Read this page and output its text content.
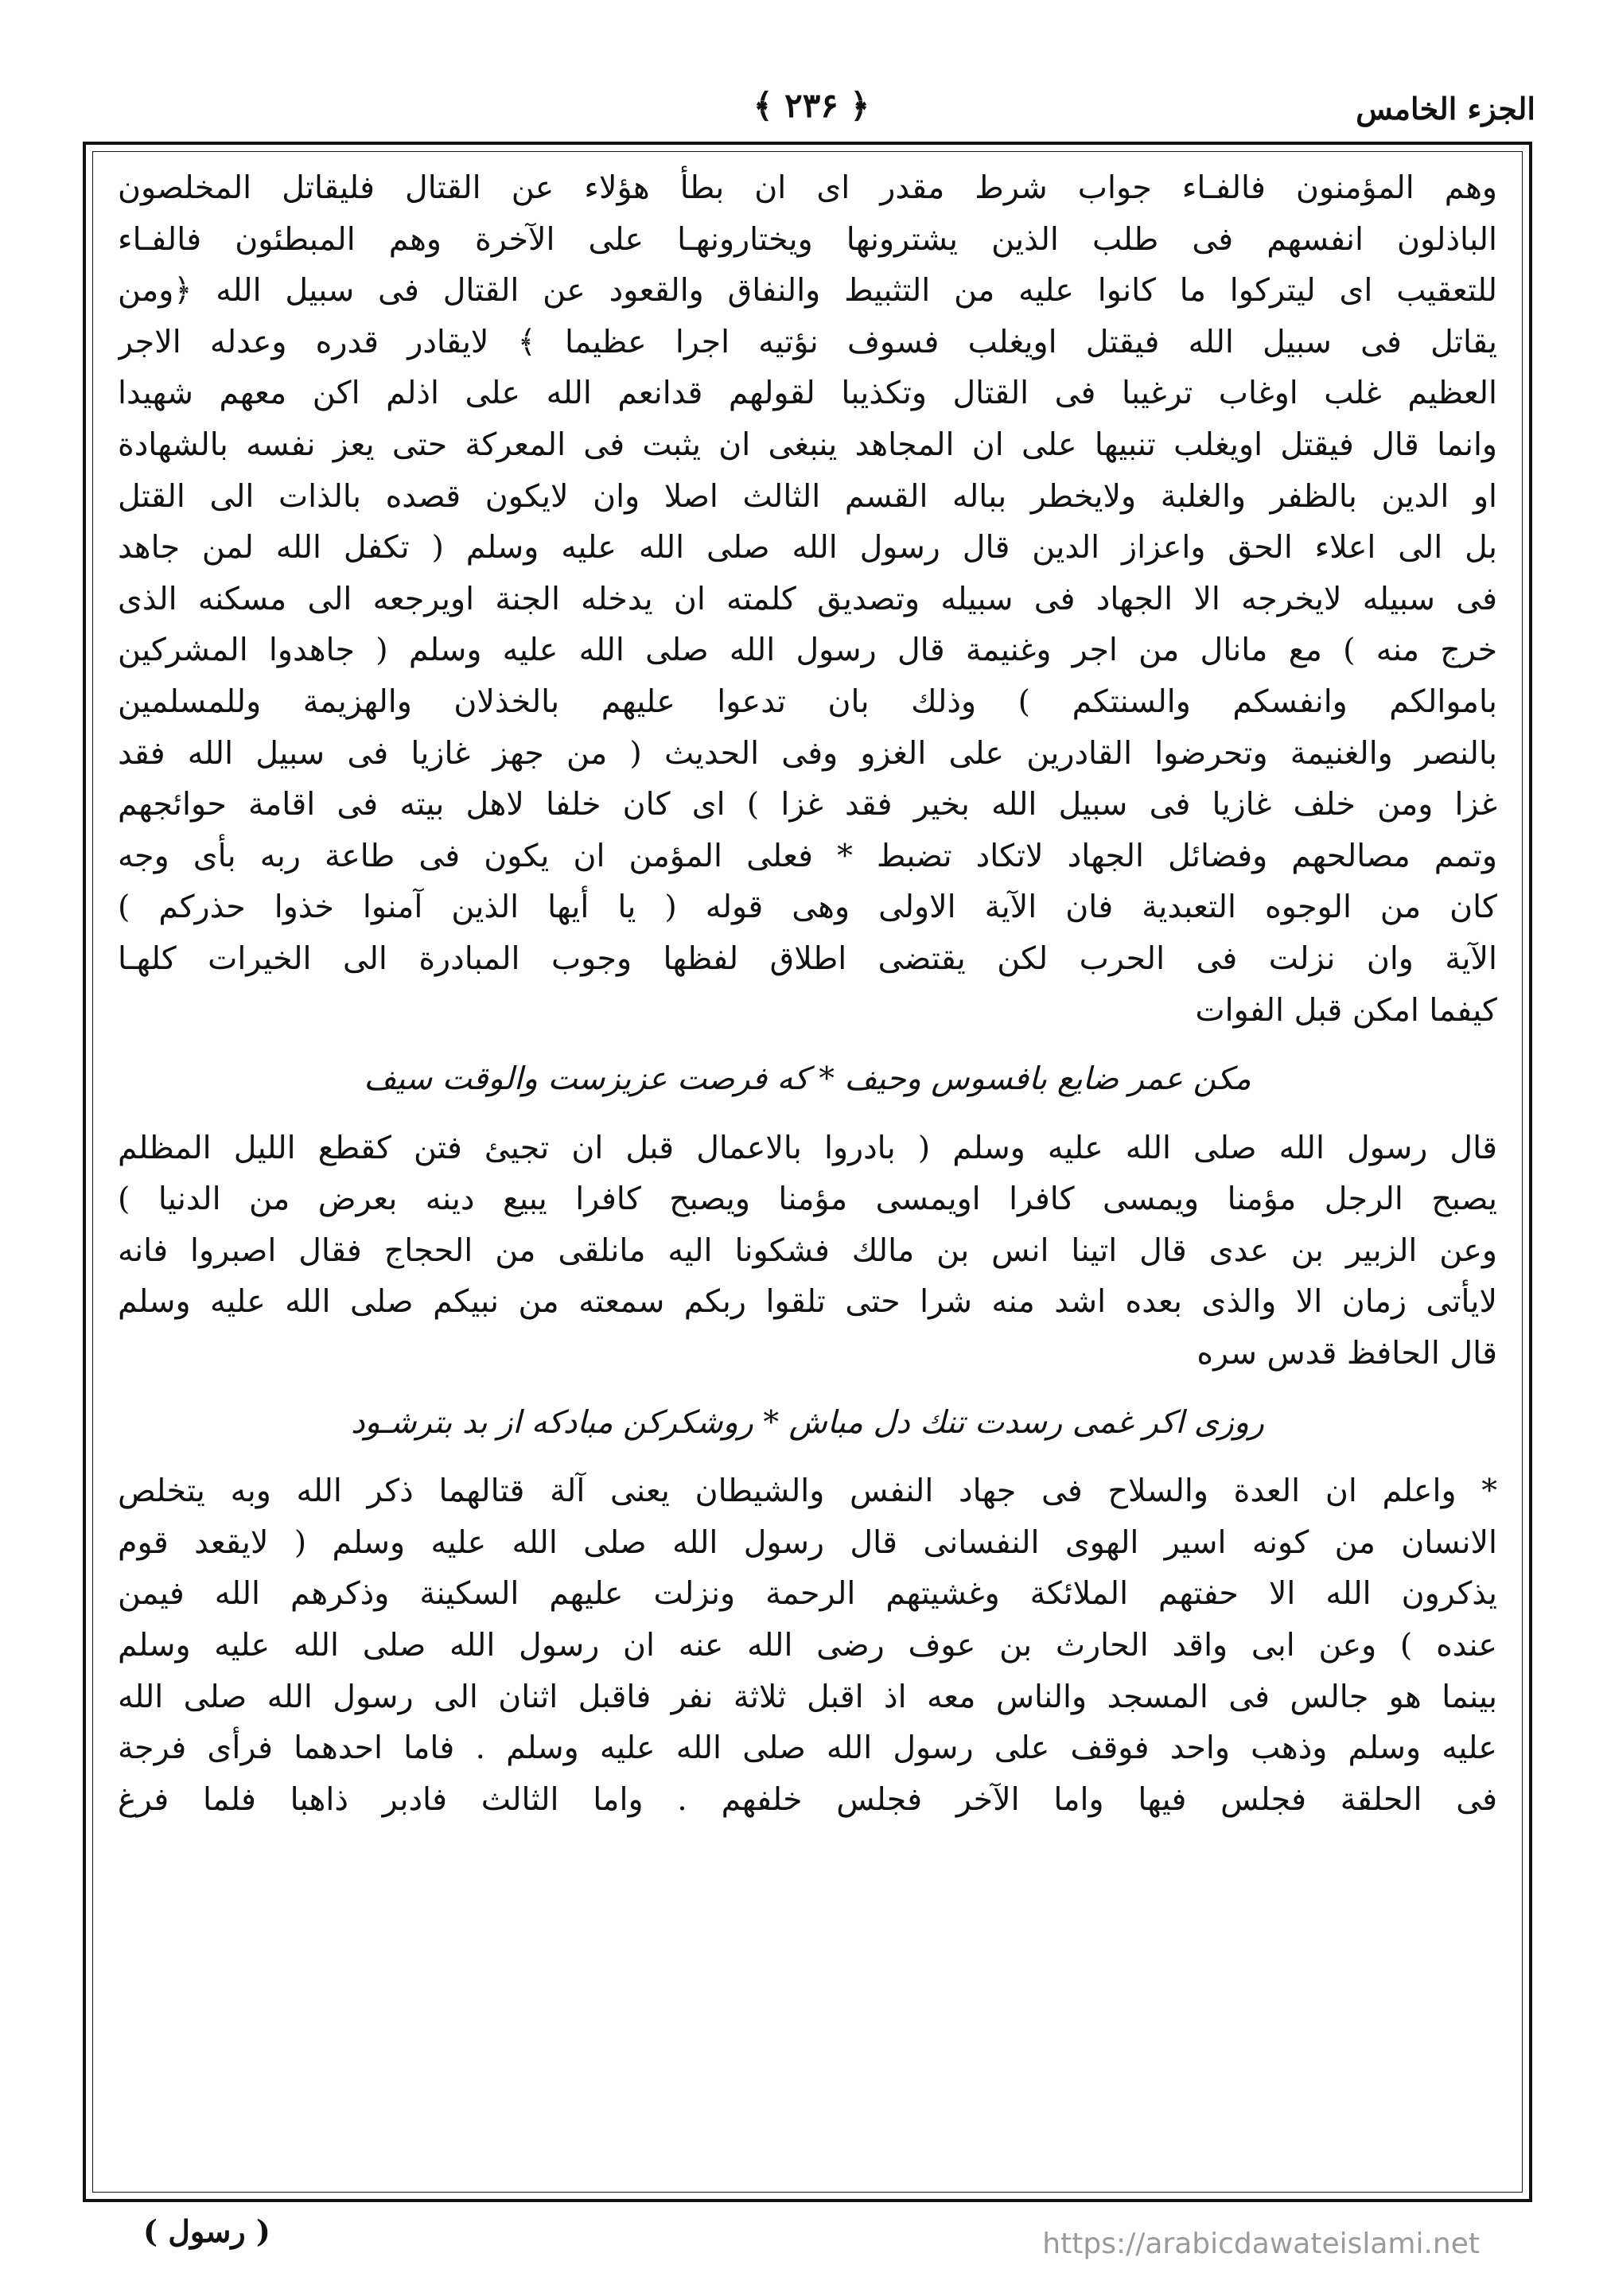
الجزء الخامس
﴿ ۲۳۶ ﴾
وهم المؤمنون فالفـاء جواب شرط مقدر اى ان بطأ هؤلاء عن القتال فليقاتل المخلصون
الباذلون انفسهم فى طلب الذين يشترونها ويختارونهـا على الآخرة وهم المبطئون فالفـاء
للتعقيب اى ليتركوا ما كانوا عليه من التثبيط والنفاق والقعود عن القتال فى سبيل الله ﴿ومن
يقاتل فى سبيل الله فيقتل اويغلب فسوف نؤتيه اجرا عظيما ﴾ لايقادر قدره وعدله الاجر
العظيم غلب اوغاب ترغيبا فى القتال وتكذيبا لقولهم قدانعم الله على اذلم اكن معهم شهيدا
وانما قال فيقتل اويغلب تنبيها على ان المجاهد ينبغى ان يثبت فى المعركة حتى يعز نفسه بالشهادة
او الدين بالظفر والغلبة ولايخطر بباله القسم الثالث اصلا وان لايكون قصده بالذات الى القتل
بل الى اعلاء الحق واعزاز الدين قال رسول الله صلى الله عليه وسلم ( تكفل الله لمن جاهد
فى سبيله لايخرجه الا الجهاد فى سبيله وتصديق كلمته ان يدخله الجنة اويرجعه الى مسكنه الذى
خرج منه ) مع مانال من اجر وغنيمة قال رسول الله صلى الله عليه وسلم ( جاهدوا المشركين
باموالكم وانفسكم والسنتكم ) وذلك بان تدعوا عليهم بالخذلان والهزيمة وللمسلمين
بالنصر والغنيمة وتحرضوا القادرين على الغزو وفى الحديث ( من جهز غازيا فى سبيل الله فقد
غزا ومن خلف غازيا فى سبيل الله بخير فقد غزا ) اى كان خلفا لاهل بيته فى اقامة حوائجهم
وتمم مصالحهم وفضائل الجهاد لاتكاد تضبط * فعلى المؤمن ان يكون فى طاعة ربه بأى وجه
كان من الوجوه التعبدية فان الآية الاولى وهى قوله ( يا أيها الذين آمنوا خذوا حذركم )
الآية وان نزلت فى الحرب لكن يقتضى اطلاق لفظها وجوب المبادرة الى الخيرات كلهـا
كيفما امكن قبل الفوات
مكن عمر ضايع بافسوس وحيف * كه فرصت عزيزست والوقت سيف
قال رسول الله صلى الله عليه وسلم ( بادروا بالاعمال قبل ان تجيئ فتن كقطع الليل المظلم
يصبح الرجل مؤمنا ويمسى كافرا اويمسى مؤمنا ويصبح كافرا يبيع دينه بعرض من الدنيا )
وعن الزبير بن عدى قال اتينا انس بن مالك فشكونا اليه مانلقى من الحجاج فقال اصبروا فانه
لايأتى زمان الا والذى بعده اشد منه شرا حتى تلقوا ربكم سمعته من نبيكم صلى الله عليه وسلم
قال الحافظ قدس سره
روزى اكر غمى رسدت تنك دل مباش * روشكركن مبادكه از بد بترشـود
* واعلم ان العدة والسلاح فى جهاد النفس والشيطان يعنى آلة قتالهما ذكر الله وبه يتخلص
الانسان من كونه اسير الهوى النفسانى قال رسول الله صلى الله عليه وسلم ( لايقعد قوم
يذكرون الله الا حفتهم الملائكة وغشيتهم الرحمة ونزلت عليهم السكينة وذكرهم الله فيمن
عنده ) وعن ابى واقد الحارث بن عوف رضى الله عنه ان رسول الله صلى الله عليه وسلم
بينما هو جالس فى المسجد والناس معه اذ اقبل ثلاثة نفر فاقبل اثنان الى رسول الله صلى الله
عليه وسلم وذهب واحد فوقف على رسول الله صلى الله عليه وسلم . فاما احدهما فرأى فرجة
فى الحلقة فجلس فيها واما الآخر فجلس خلفهم . واما الثالث فادبر ذاهبا فلما فرغ
( رسول )	https://arabicdawateislami.net
